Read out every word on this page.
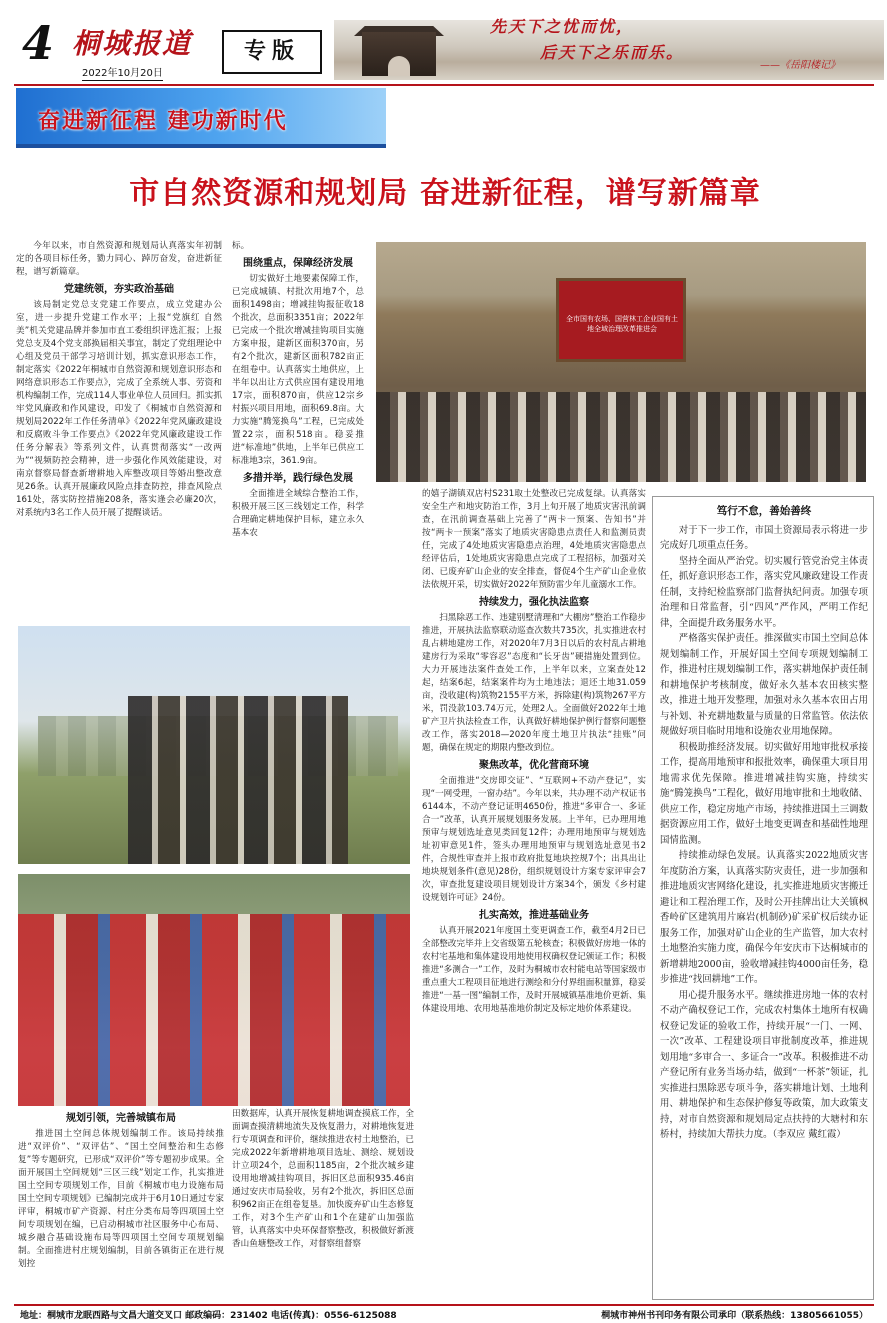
4 桐城报道
2022年10月20日
专版
先天下之忧而忧，
后天下之乐而乐。
——《岳阳楼记》
奋进新征程 建功新时代
市自然资源和规划局 奋进新征程，谱写新篇章

今年以来，市自然资源和规划局认真落实年初制定的各项目标任务，勠力同心、踔厉奋发，奋进新征程，谱写新篇章。

党建统领，夯实政治基础

该局制定党总支党建工作要点，成立党建办公室，进一步提升党建工作水平；上报“党旗红 自然美”机关党建品牌并参加市直工委组织评选汇报；上报党总支及4个党支部换届相关事宜，制定了党组理论中心组及党员干部学习培训计划，抓实意识形态工作，制定落实《2022年桐城市自然资源和规划意识形态和网络意识形态工作要点》，完成了全系统人事、劳资和机构编制工作，完成114人事业单位人员回归。抓实抓牢党风廉政和作风建设，印发了《桐城市自然资源和规划局2022年工作任务清单》《2022年党风廉政建设和反腐败斗争工作要点》《2022年党风廉政建设工作任务分解表》等系列文件，认真贯彻落实“一改两为”“视频防控会精神，进一步强化作风效能建设，对南京督察局督查新增耕地入库整改项目等婚出整改意见26条。认真开展廉政风险点排查防控，排查风险点161处，落实防控措施208条，落实逢会必廉20次，对系统内3名工作人员开展了提醒谈话。

标。

围绕重点，保障经济发展

切实做好土地要素保障工作，已完成城镇、村批次用地7个，总面积1498亩；增减挂钩报征收18个批次，总面积3351亩；2022年已完成一个批次增减挂钩项目实施方案申报，建新区面积370亩，另有2个批次，建新区面积782亩正在组卷中。认真落实土地供应，上半年以出让方式供应国有建设用地17宗，面积870亩，供应12宗乡村振兴项目用地，面积69.8亩。大力实施“腾笼换鸟”工程，已完成处置22宗，面积518亩。稳妥推进“标准地”供地，上半年已供应工标准地3宗，361.9亩。

多措并举，践行绿色发展

全面推进全域综合整治工作，积极开展三区三线划定工作，科学合理确定耕地保护目标，建立永久基本农

全市国有农场、国营林工企业国有土地全域治理改革推进会

的嬉子湖镇双店村S231取土处整改已完成复绿。认真落实安全生产和地灾防治工作，3月上旬开展了地质灾害汛前调查，在汛前调查基础上完善了“两卡一预案、告知书”并按“两卡一预案”落实了地质灾害隐患点责任人和监测员责任，完成了4处地质灾害隐患点治理，4处地质灾害隐患点经评估后，1处地质灾害隐患点完成了工程招标，加强对关闭、已废弃矿山企业的安全排查，督促4个生产矿山企业依法依规开采，切实做好2022年预防雷少年儿童溺水工作。

持续发力，强化执法监察

扫黑除恶工作、违建别墅清理和“大棚房”整治工作稳步推进，开展执法监察联动巡查次数共735次，扎实推进农村乱占耕地建房工作，对2020年7月3日以后的农村乱占耕地建房行为采取“零容忍”态度和“长牙齿”硬措施处置到位。大力开展违法案件查处工作，上半年以来，立案查处12起，结案6起，结案案件均为土地违法；退还土地31.059亩，没收建(构)筑物2155平方米，拆除建(构)筑物267平方米，罚没款103.74万元，处理2人。全面做好2022年土地矿产卫片执法检查工作，认真做好耕地保护例行督察问题整改工作，落实2018—2020年度土地卫片执法“挂账”问题，确保在规定的期限内整改到位。

聚焦改革，优化营商环境

全面推进“交房即交证”、“互联网+不动产登记”，实现“一网受理，一窗办结”。今年以来，共办理不动产权证书6144本，不动产登记证明4650份，推进“多审合一、多证合一”改革，认真开展规划服务发展。上半年，已办理用地预审与规划选址意见类回复12件；办理用地预审与规划选址初审意见1件，签头办理用地预审与规划选址意见书2件，合规性审查并上报市政府批复地块控规7个；出具出让地块规划条件(意见)28份，组织规划设计方案专家评审会7次，审查批复建设项目规划设计方案34个，颁发《乡村建设规划许可证》24份。

扎实高效，推进基础业务

认真开展2021年度国土变更调查工作，截至4月2日已全部整改完毕并上交省级第五轮核查；积极做好房地一体的农村宅基地和集体建设用地使用权确权登记颁证工作；积极推进“多测合一”工作，及时为桐城市农村能电站等国家级市重点重大工程项目征地进行测绘和分付界组面积量算，稳妥推进“一基一图”编制工作，及时开展城镇基准地价更新、集体建设用地、农用地基准地价制定及标定地价体系建设。

规划引领，完善城镇布局

推进国土空间总体规划编制工作。该局持续推进“双评价”、“双评估”、“国土空间整治和生态修复”等专题研究，已形成“双评价”等专题初步成果。全面开展国土空间规划“三区三线”划定工作，扎实推进国土空间专项规划工作，目前《桐城市电力设施布局国土空间专项规划》已编制完成并于6月10日通过专家评审，桐城市矿产资源、村庄分类布局等四项国土空间专项规划在编，已启动桐城市社区服务中心布局、城乡融合基础设施布局等四项国土空间专项规划编制。全面推进村庄规划编制，目前各镇街正在进行规划控

田数据库，认真开展恢复耕地调查摸底工作，全面调查摸清耕地流失及恢复潜力，对耕地恢复进行专项调查和评价，继续推进农村土地整治，已完成2022年新增耕地项目选址、测绘、规划设计立项24个，总面积1185亩，2个批次城乡建设用地增减挂钩项目，拆旧区总面积935.46亩通过安庆市局验收，另有2个批次，拆旧区总面积962亩正在组卷复垦。加快废弃矿山生态修复工作，对3个生产矿山和1个在建矿山加强监管，认真落实中央环保督察整改，积极做好新渡香山鱼塘整改工作，对督察组督察

笃行不怠，善始善终

对于下一步工作，市国土资源局表示将进一步完成好几项重点任务。

坚持全面从严治党。切实履行管党治党主体责任，抓好意识形态工作，落实党风廉政建设工作责任制，支持纪检监察部门监督执纪问责。加强专项治理和日常监督，引“四风”严作风，严明工作纪律，全面提升政务服务水平。

严格落实保护责任。推深做实市国土空间总体规划编制工作，开展好国土空间专项规划编制工作，推进村庄规划编制工作，落实耕地保护责任制和耕地保护考核制度，做好永久基本农田核实整改，推进土地开发整理，加强对永久基本农田占用与补划、补充耕地数量与质量的日常监管。依法依规做好项目临时用地和设施农业用地保障。

积极助推经济发展。切实做好用地审批权承接工作，提高用地预审和报批效率，确保重大项目用地需求优先保障。推进增减挂钩实施，持续实施“腾笼换鸟”工程化，做好用地审批和土地收储、供应工作，稳定房地产市场，持续推进国土三调数据资源应用工作，做好土地变更调查和基础性地理国情监测。

持续推动绿色发展。认真落实2022地质灾害年度防治方案，认真落实防灾责任，进一步加强和推进地质灾害网络化建设，扎实推进地质灾害搬迁避让和工程治理工作，及时公开挂牌出让大关镇枫香岭矿区建筑用片麻岩(机制砂)矿采矿权后续办证服务工作，加强对矿山企业的生产监管，加大农村土地整治实施力度，确保今年安庆市下达桐城市的新增耕地2000亩，验收增减挂钩4000亩任务，稳步推进“找回耕地”工作。

用心提升服务水平。继续推进房地一体的农村不动产确权登记工作，完成农村集体土地所有权确权登记发证的验收工作，持续开展“一门、一网、一次”改革、工程建设项目审批制度改革，推进规划用地“多审合一、多证合一”改革。积极推进不动产登记所有业务当场办结，做到“一杯茶”领证，扎实推进扫黑除恶专项斗争，落实耕地计划、土地利用、耕地保护和生态保护修复等政策，加大政策支持，对市自然资源和规划局定点扶持的大塘村和东桥村，持续加大帮扶力度。（李双应 戴红霞）

地址：桐城市龙眠西路与文昌大道交叉口 邮政编码：231402 电话(传真)：0556-6125088	桐城市神州书刊印务有限公司承印（联系热线：13805661055）
